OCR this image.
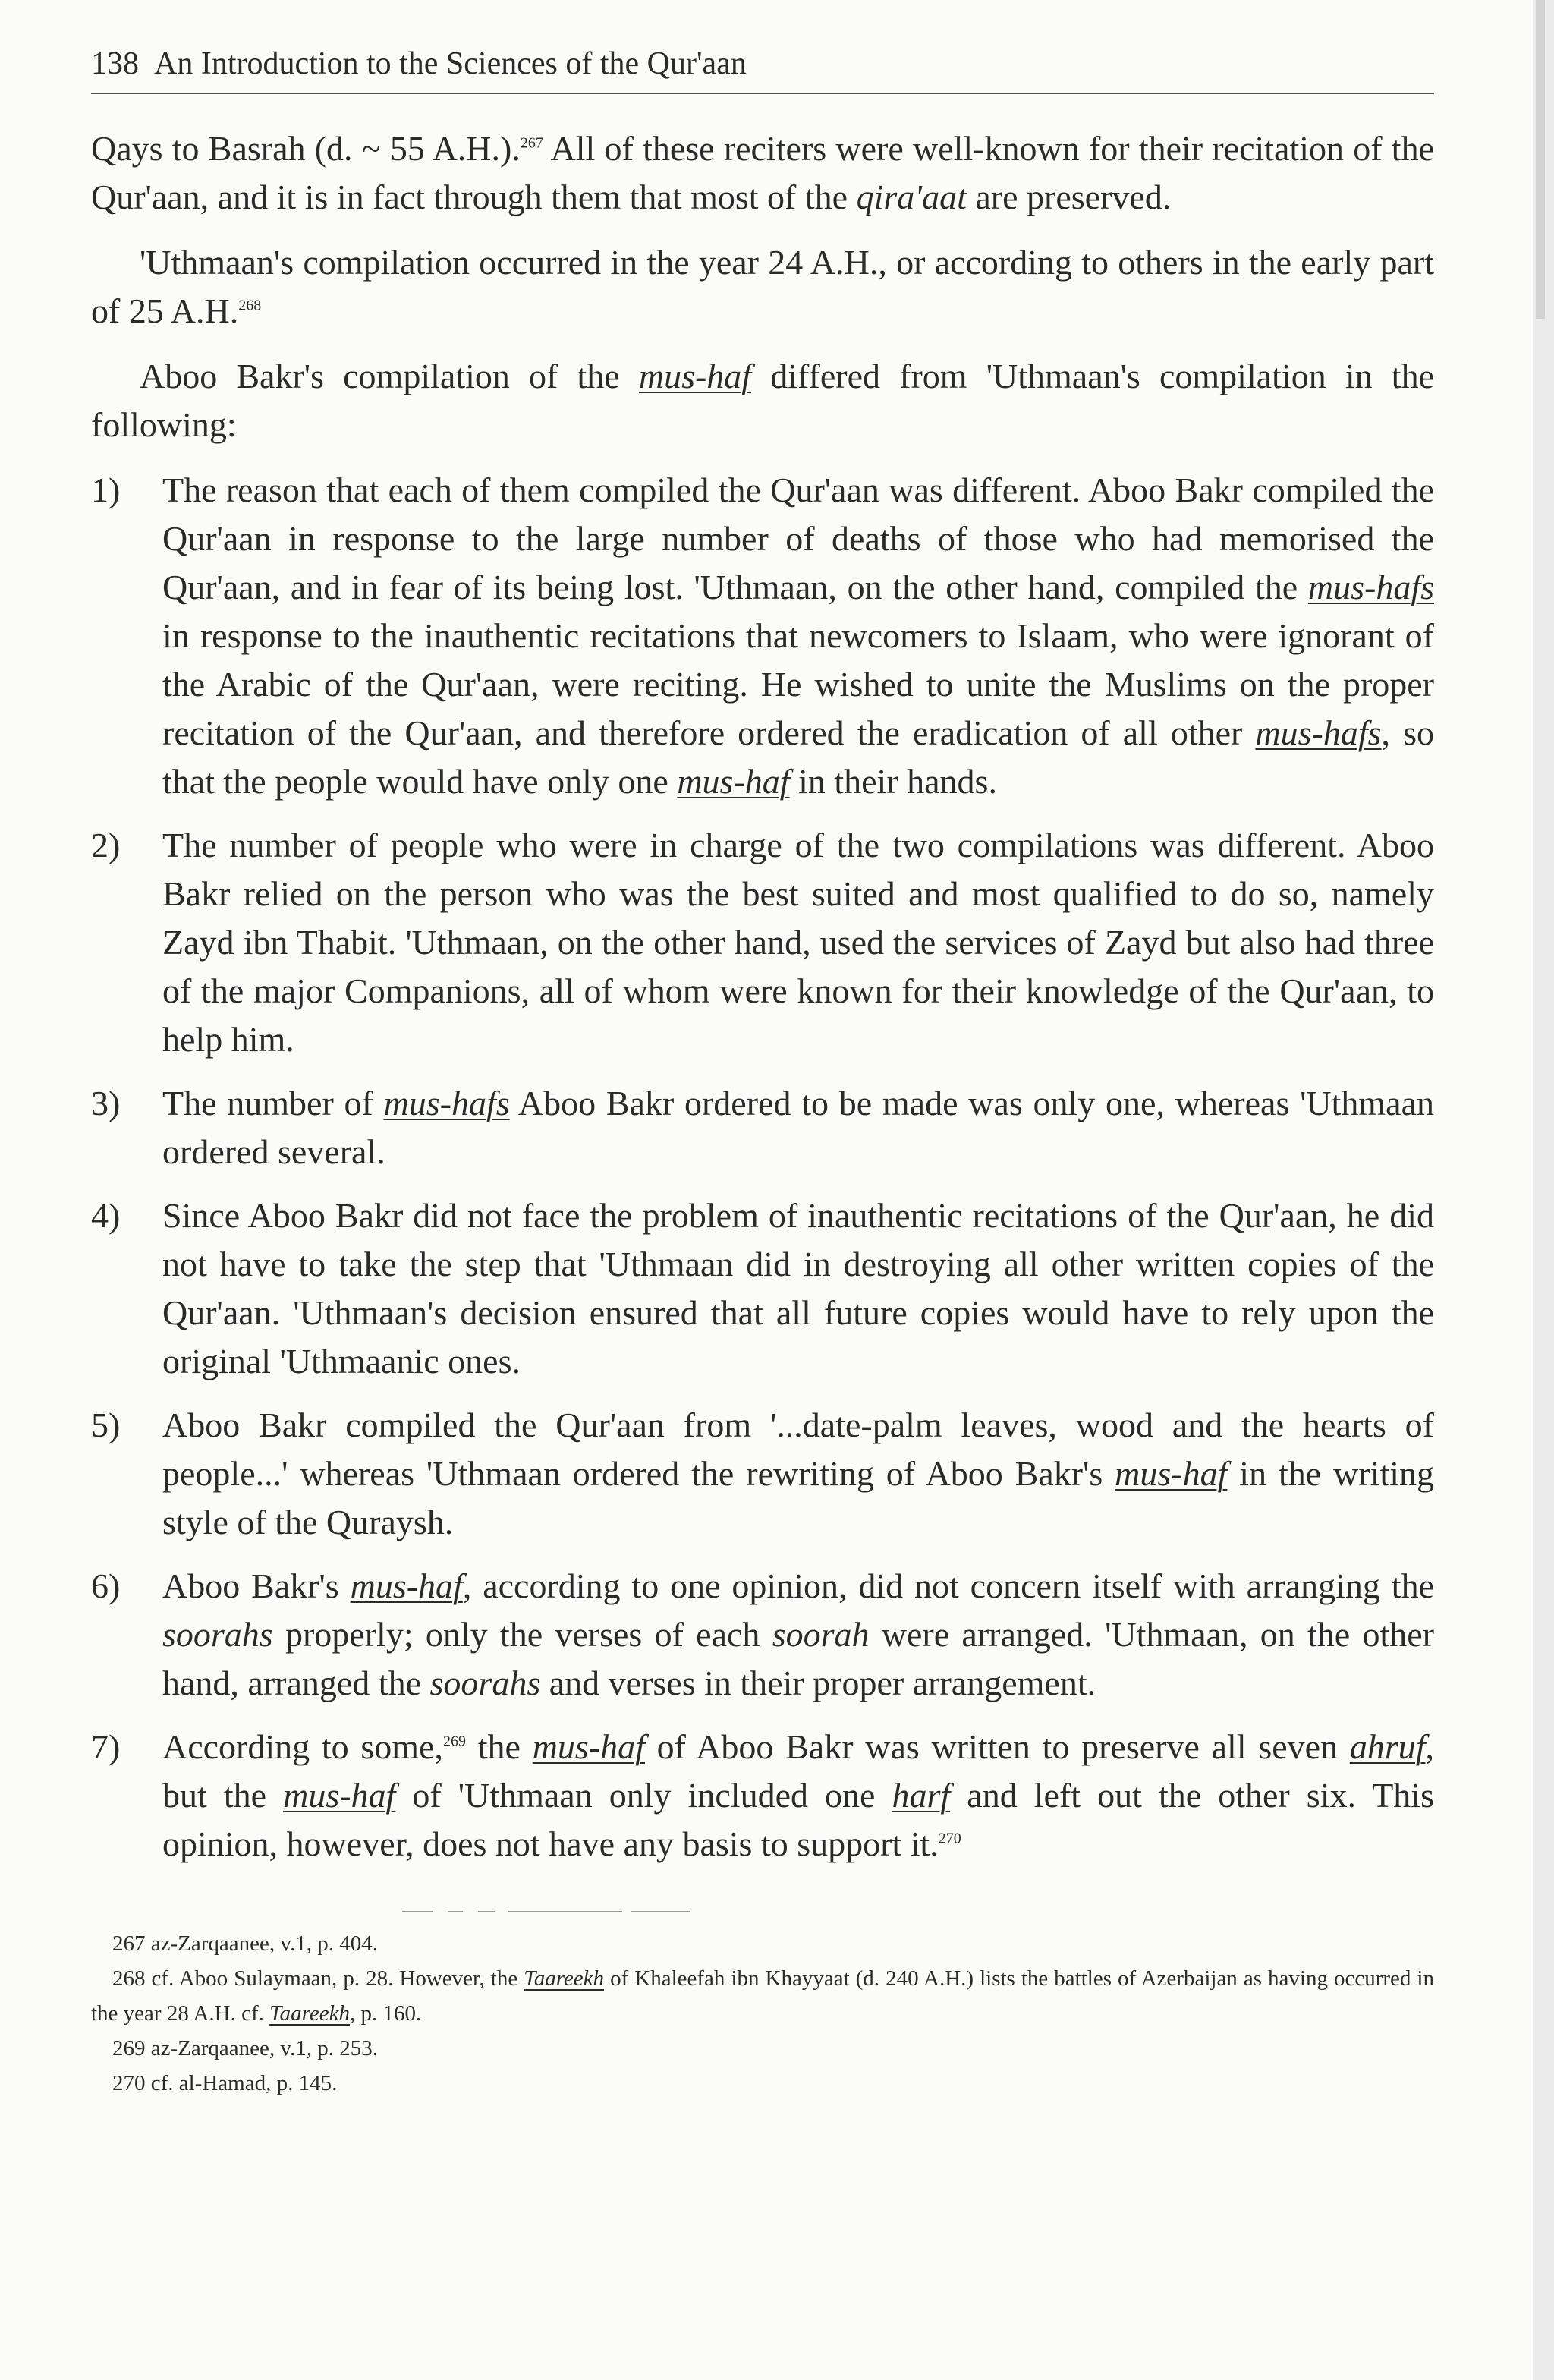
138 An Introduction to the Sciences of the Qur'aan

Qays to Basrah (d. ~ 55 A.H.).$^{267}$ All of these reciters were well-known for their recitation of the Qur'aan, and it is in fact through them that most of the qira'aat are preserved.

'Uthmaan's compilation occurred in the year 24 A.H., or according to others in the early part of 25 A.H.$^{268}$

Aboo Bakr's compilation of the mus-haf differed from 'Uthmaan's compilation in the following:

1) The reason that each of them compiled the Qur'aan was different. Aboo Bakr compiled the Qur'aan in response to the large number of deaths of those who had memorised the Qur'aan, and in fear of its being lost. 'Uthmaan, on the other hand, compiled the mus-hafs in response to the inauthentic recitations that newcomers to Islaam, who were ignorant of the Arabic of the Qur'aan, were reciting. He wished to unite the Muslims on the proper recitation of the Qur'aan, and therefore ordered the eradication of all other mus-hafs, so that the people would have only one mus-haf in their hands.
2) The number of people who were in charge of the two compilations was different. Aboo Bakr relied on the person who was the best suited and most qualified to do so, namely Zayd ibn Thabit. 'Uthmaan, on the other hand, used the services of Zayd but also had three of the major Companions, all of whom were known for their knowledge of the Qur'aan, to help him.
3) The number of mus-hafs Aboo Bakr ordered to be made was only one, whereas 'Uthmaan ordered several.
4) Since Aboo Bakr did not face the problem of inauthentic recitations of the Qur'aan, he did not have to take the step that 'Uthmaan did in destroying all other written copies of the Qur'aan. 'Uthmaan's decision ensured that all future copies would have to rely upon the original 'Uthmaanic ones.
5) Aboo Bakr compiled the Qur'aan from '...date-palm leaves, wood and the hearts of people...' whereas 'Uthmaan ordered the rewriting of Aboo Bakr's mus-haf in the writing style of the Quraysh.
6) Aboo Bakr's mus-haf, according to one opinion, did not concern itself with arranging the soorahs properly; only the verses of each soorah were arranged. 'Uthmaan, on the other hand, arranged the soorahs and verses in their proper arrangement.
7) According to some,$^{269}$ the mus-haf of Aboo Bakr was written to preserve all seven ahruf, but the mus-haf of 'Uthmaan only included one harf and left out the other six. This opinion, however, does not have any basis to support it.$^{270}$

267 az-Zarqaanee, v.1, p. 404.

268 cf. Aboo Sulaymaan, p. 28. However, the Taareekh of Khaleefah ibn Khayyaat (d. 240 A.H.) lists the battles of Azerbaijan as having occurred in the year 28 A.H. cf. Taareekh, p. 160.

269 az-Zarqaanee, v.1, p. 253.

270 cf. al-Hamad, p. 145.
